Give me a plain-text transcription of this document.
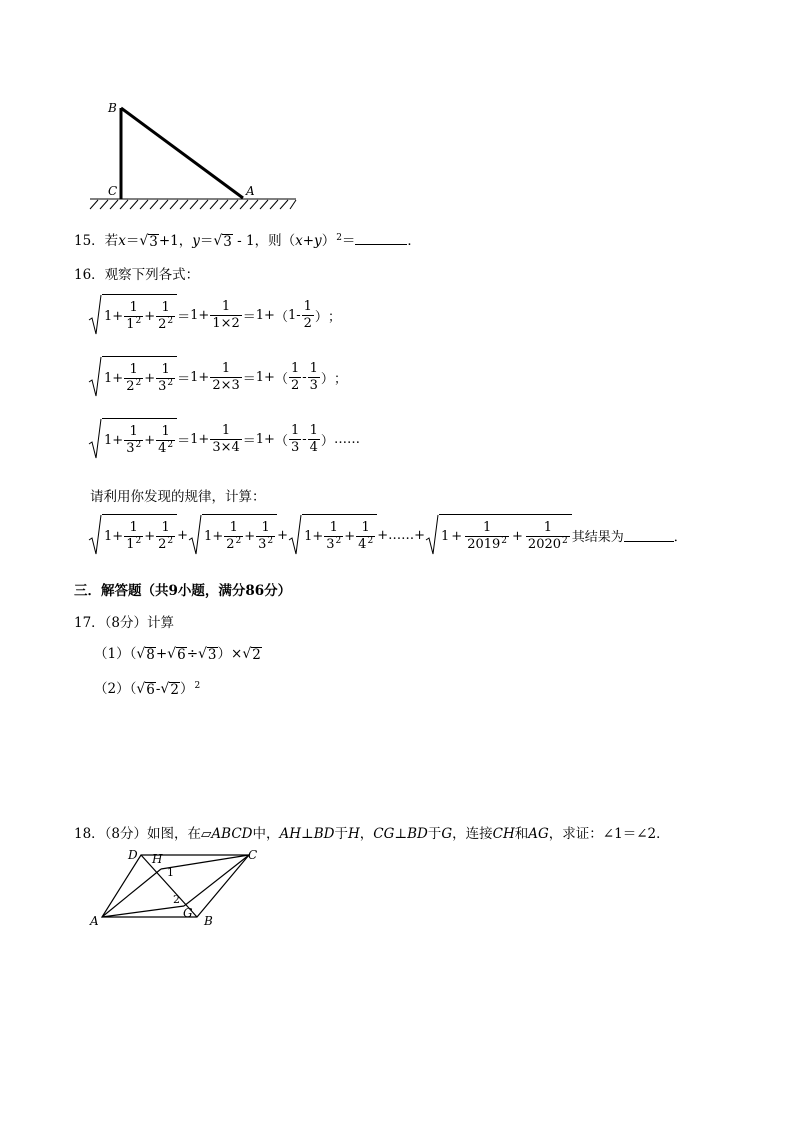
B
C	A
15．若x＝ √ 3 +1，y＝ √ 3 - 1，则$(x+y)^2=$	．
16．观察下列各式：
$1 + \frac{1}{1^2} + \frac{1}{2^2} = 1+ \frac{1}{1\times 2} = 1+$ （ $1 - \frac{1}{2}$ ） ；
$1 + \frac{1}{2^2} + \frac{1}{3^2} = 1+ \frac{1}{2\times 3} = 1+$ （ $\frac{1}{2} - \frac{1}{3}$ ） ；
$1 + \frac{1}{3^2} + \frac{1}{4^2} = 1+ \frac{1}{3\times 4} = 1+$ （ $\frac{1}{3} - \frac{1}{4}$ ） ……
请利用你发现的规律，计算：
$1 + \frac{1}{1^2} + \frac{1}{2^2} + 1 + \frac{1}{2^2} + \frac{1}{3^2} + 1 + \frac{1}{3^2} + \frac{1}{4^2}$ + …… + $1 + \frac{1}{2019^2} + \frac{1}{2020^2}$ 其结果为	．
三．解答题（共9小题，满分86分）
17．（8分）计算
（1）（ √ 8 + √ 6 ÷ √ 3 ）× √ 2
（2）（ √ 6 - √ 2 ）$^2$
18．（8分）如图，在▱ABCD中，AH⊥BD于H，CG⊥BD于G，连接CH和AG，求证：∠1＝∠2．
D H	C
1
2
A
G
B
